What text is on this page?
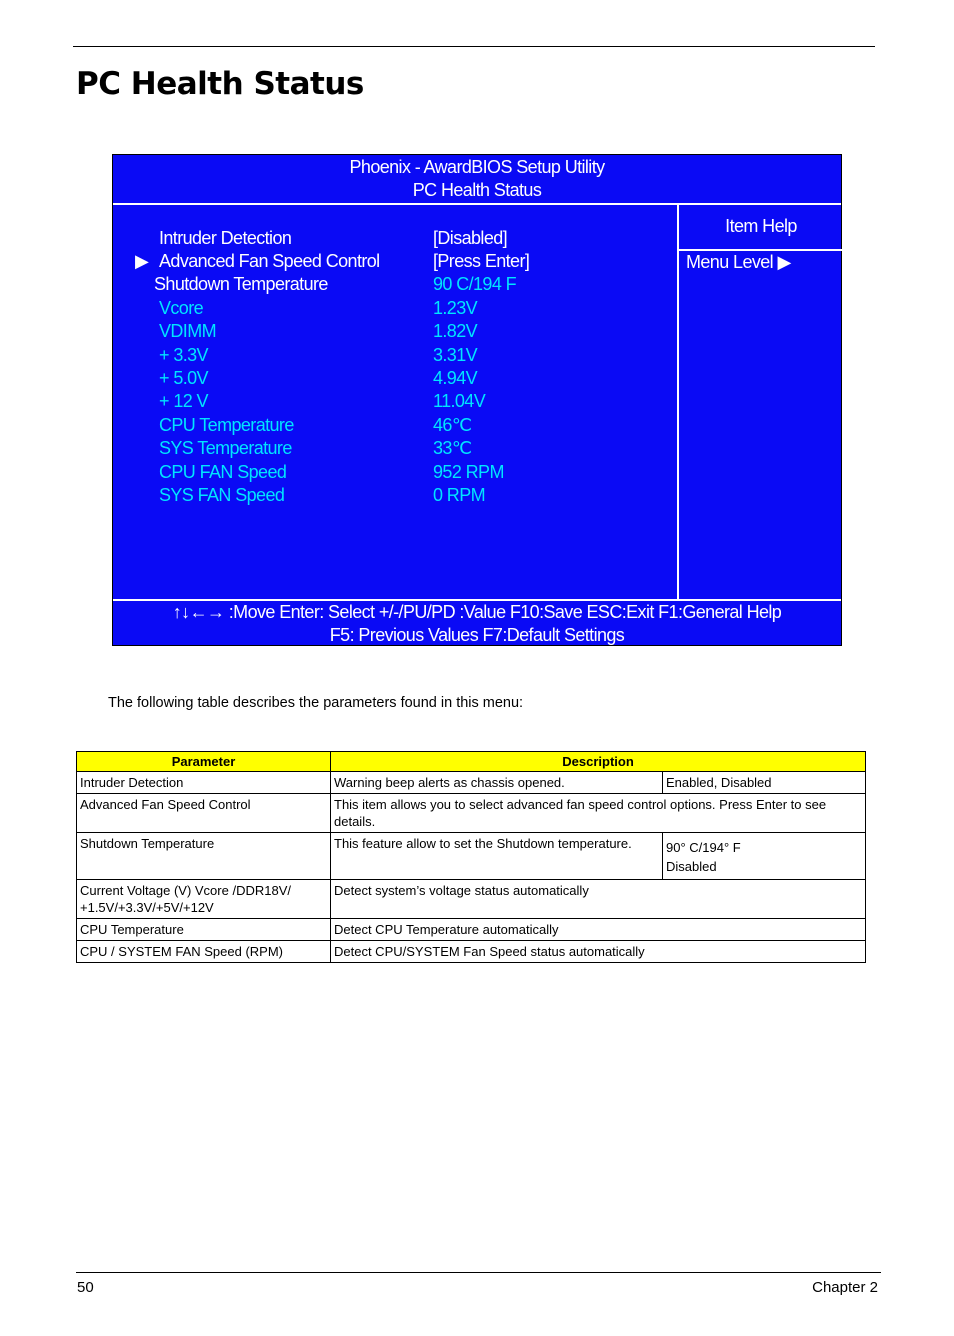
PC Health Status
Phoenix - AwardBIOS Setup Utility
PC Health Status
Intruder Detection	[Disabled]
▶ Advanced Fan Speed Control	[Press Enter]
Shutdown Temperature	90 C/194 F
Vcore	1.23V
VDIMM	1.82V
+ 3.3V	3.31V
+ 5.0V	4.94V
+ 12 V	11.04V
CPU Temperature	46℃
SYS Temperature	33℃
CPU FAN Speed	952 RPM
SYS FAN Speed	0 RPM
Item Help
Menu Level ▶
↑↓←→ :Move Enter: Select +/-/PU/PD :Value F10:Save ESC:Exit F1:General Help
F5: Previous Values F7:Default Settings
The following table describes the parameters found in this menu:
Parameter	Description	
Intruder Detection	Warning beep alerts as chassis opened.	Enabled, Disabled
Advanced Fan Speed Control	This item allows you to select advanced fan speed control options. Press Enter to see details.	
Shutdown Temperature	This feature allow to set the Shutdown temperature.	90° C/194° F
Disabled

Current Voltage (V) Vcore /DDR18V/ +1.5V/+3.3V/+5V/+12V	Detect system’s voltage status automatically	
CPU Temperature	Detect CPU Temperature automatically	
CPU / SYSTEM FAN Speed (RPM)	Detect CPU/SYSTEM Fan Speed status automatically	
50	Chapter 2
